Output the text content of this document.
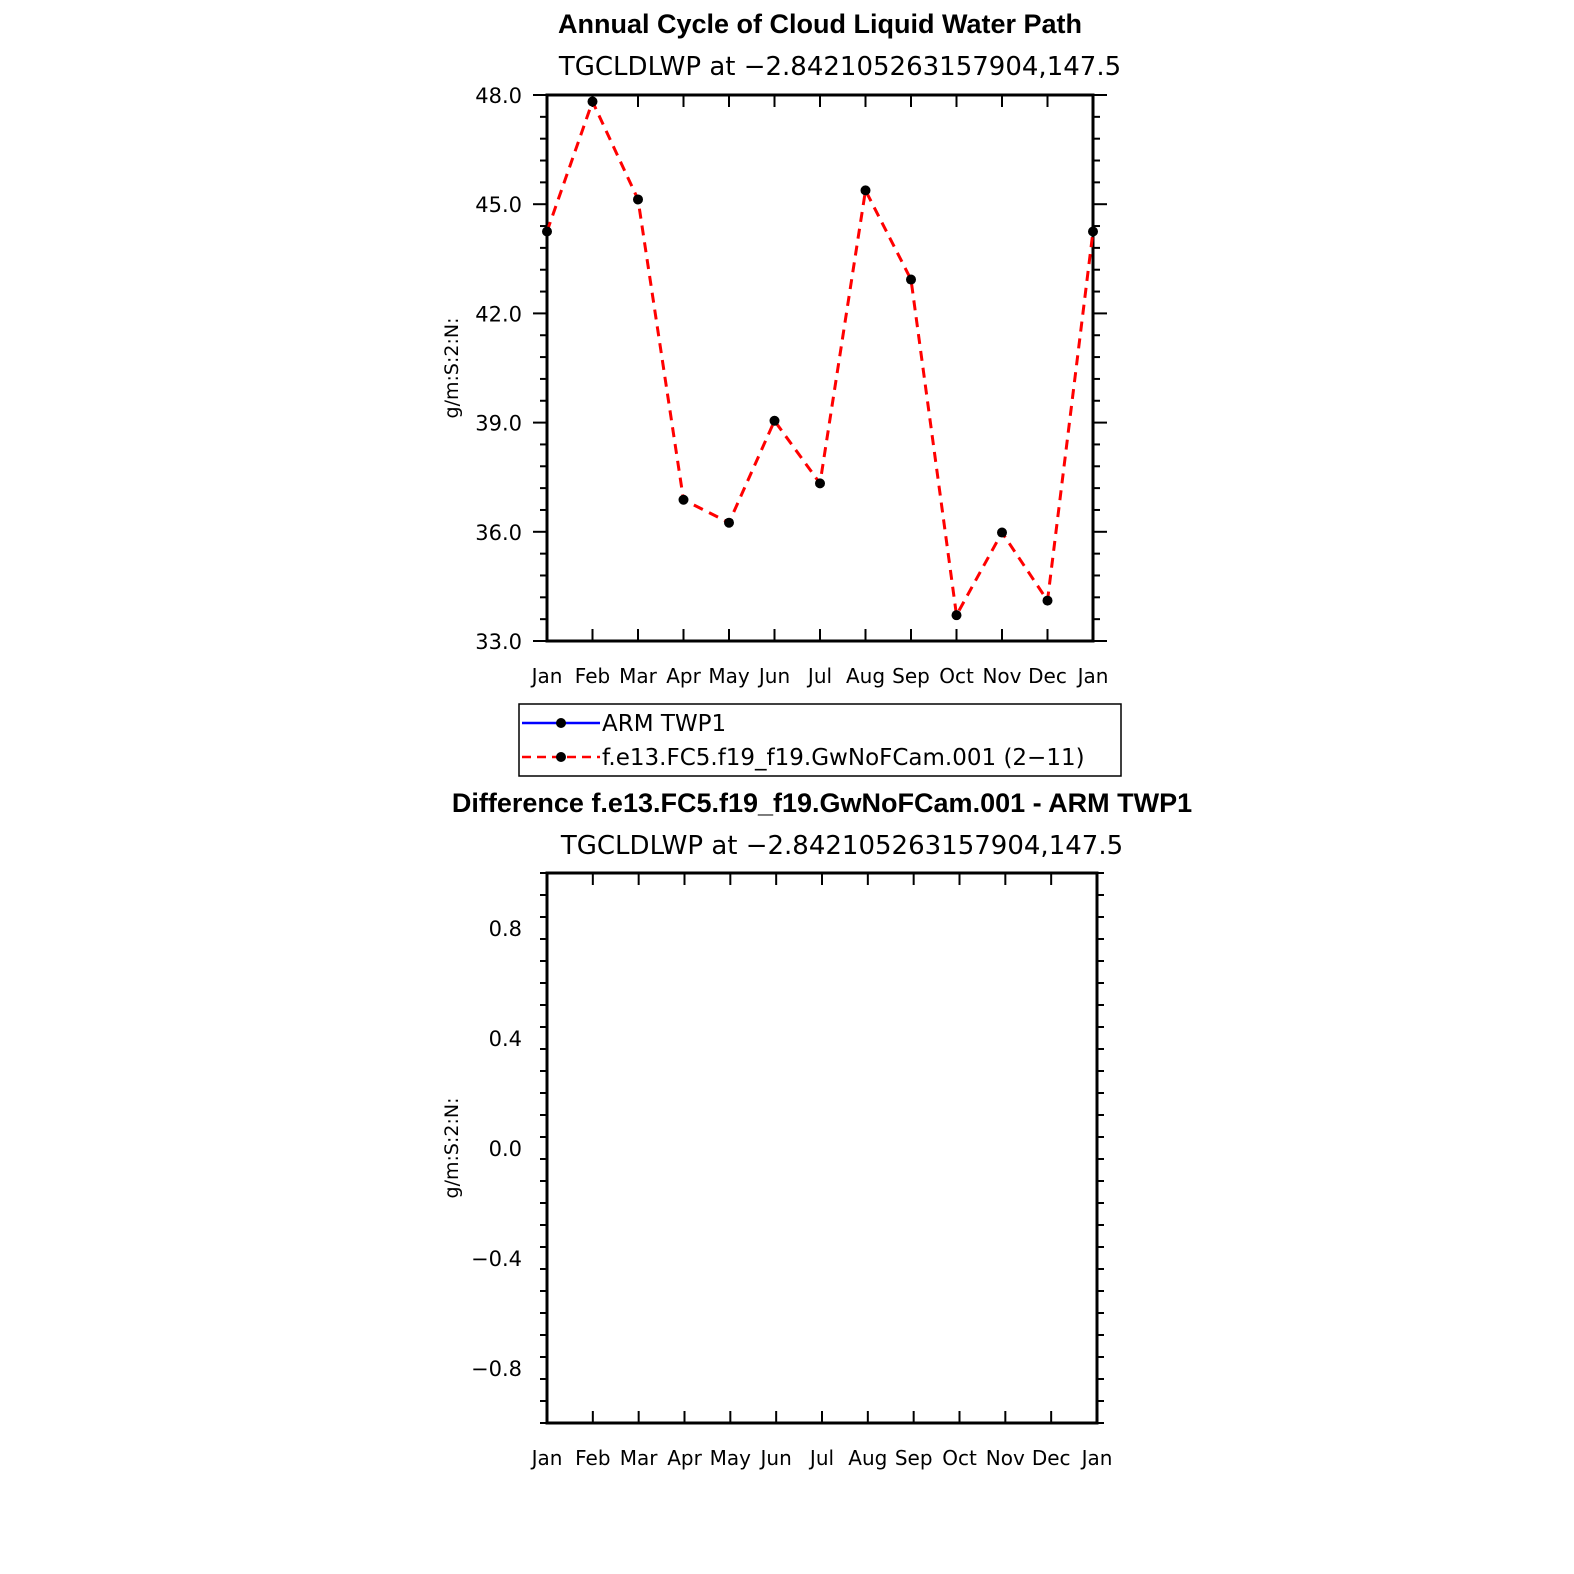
Annual Cycle of Cloud Liquid Water Path
TGCLDLWP at −2.842105263157904,147.5
g/m:S:2:N:
Jan Feb Mar Apr May Jun Jul Aug Sep Oct Nov Dec Jan
48.0
45.0
42.0
39.0
36.0
33.0
ARM TWP1
f.e13.FC5.f19_f19.GwNoFCam.001 (2−11)
Difference f.e13.FC5.f19_f19.GwNoFCam.001 - ARM TWP1
TGCLDLWP at −2.842105263157904,147.5
g/m:S:2:N:
Jan Feb Mar Apr May Jun Jul Aug Sep Oct Nov Dec Jan
0.8
0.4
0.0
−0.4
−0.8
